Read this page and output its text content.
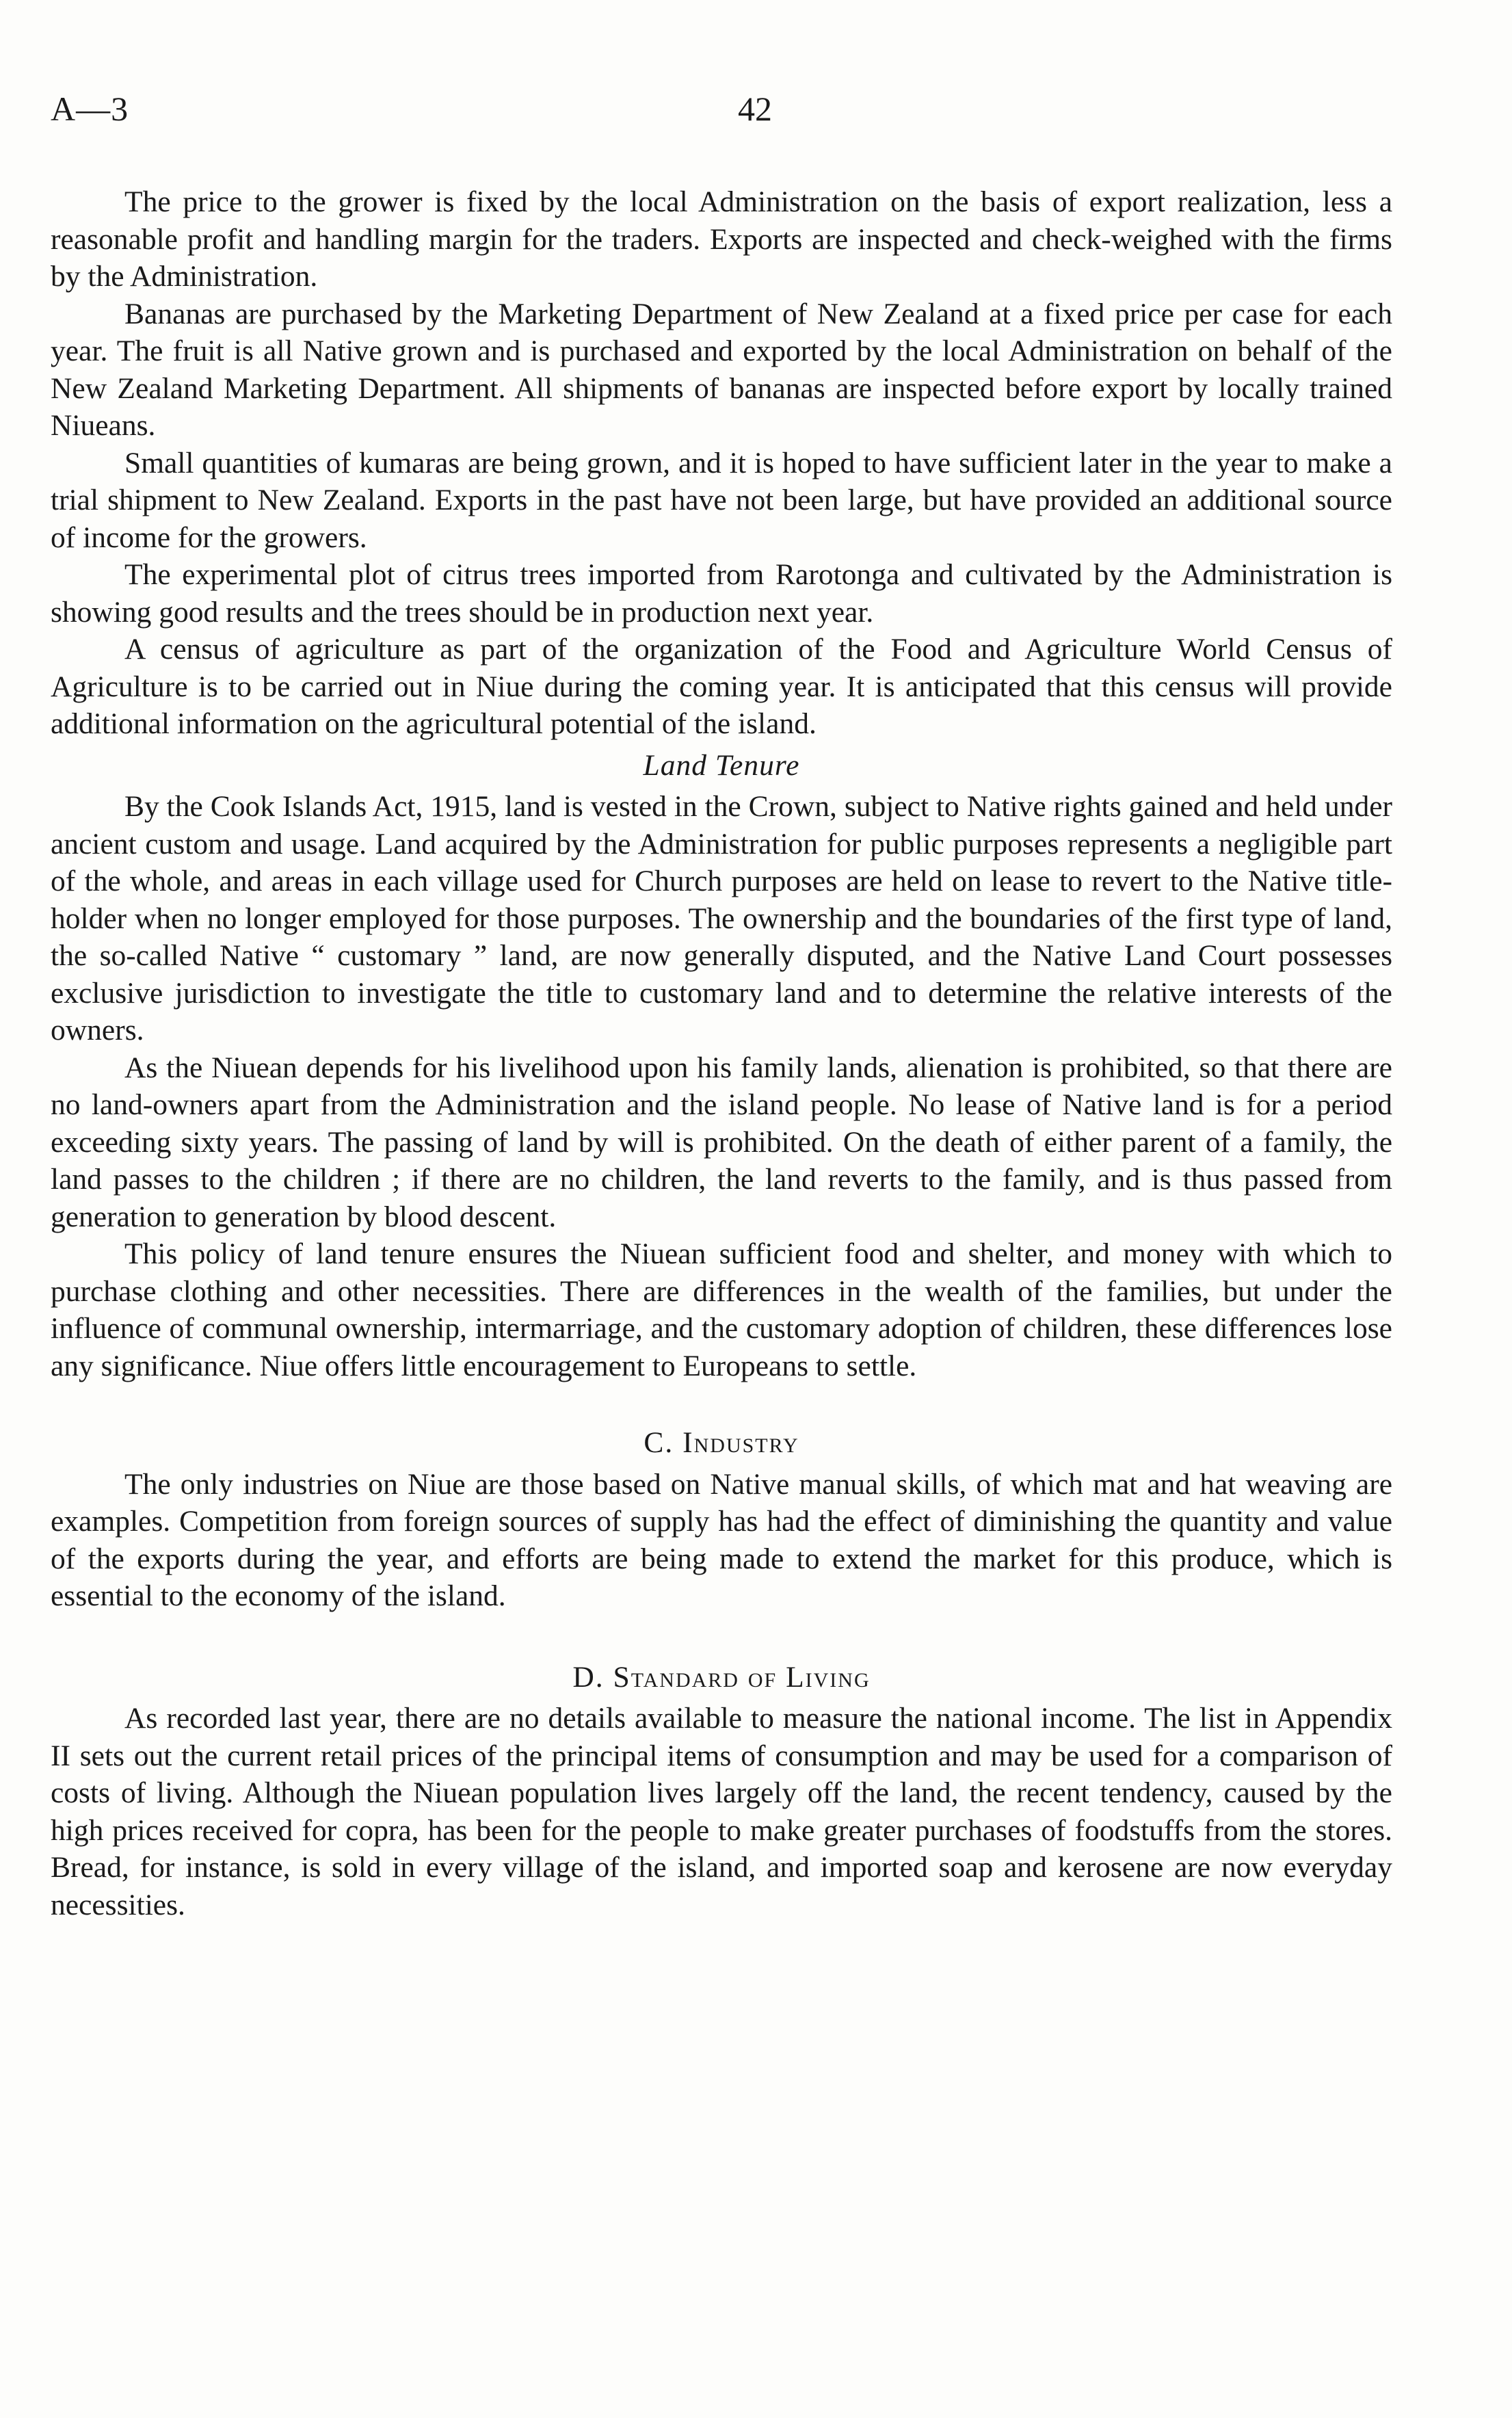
A—3	42

The price to the grower is fixed by the local Administration on the basis of export realization, less a reasonable profit and handling margin for the traders. Exports are inspected and check-weighed with the firms by the Administration.

Bananas are purchased by the Marketing Department of New Zealand at a fixed price per case for each year. The fruit is all Native grown and is purchased and exported by the local Administration on behalf of the New Zealand Marketing Department. All shipments of bananas are inspected before export by locally trained Niueans.

Small quantities of kumaras are being grown, and it is hoped to have sufficient later in the year to make a trial shipment to New Zealand. Exports in the past have not been large, but have provided an additional source of income for the growers.

The experimental plot of citrus trees imported from Rarotonga and cultivated by the Administration is showing good results and the trees should be in production next year.

A census of agriculture as part of the organization of the Food and Agriculture World Census of Agriculture is to be carried out in Niue during the coming year. It is anticipated that this census will provide additional information on the agricultural potential of the island.

Land Tenure

By the Cook Islands Act, 1915, land is vested in the Crown, subject to Native rights gained and held under ancient custom and usage. Land acquired by the Administration for public purposes represents a negligible part of the whole, and areas in each village used for Church purposes are held on lease to revert to the Native title-holder when no longer employed for those purposes. The ownership and the boundaries of the first type of land, the so-called Native “ customary ” land, are now generally disputed, and the Native Land Court possesses exclusive jurisdiction to investigate the title to customary land and to determine the relative interests of the owners.

As the Niuean depends for his livelihood upon his family lands, alienation is prohibited, so that there are no land-owners apart from the Administration and the island people. No lease of Native land is for a period exceeding sixty years. The passing of land by will is prohibited. On the death of either parent of a family, the land passes to the children ; if there are no children, the land reverts to the family, and is thus passed from generation to generation by blood descent.

This policy of land tenure ensures the Niuean sufficient food and shelter, and money with which to purchase clothing and other necessities. There are differences in the wealth of the families, but under the influence of communal ownership, intermarriage, and the customary adoption of children, these differences lose any significance. Niue offers little encouragement to Europeans to settle.

C. Industry

The only industries on Niue are those based on Native manual skills, of which mat and hat weaving are examples. Competition from foreign sources of supply has had the effect of diminishing the quantity and value of the exports during the year, and efforts are being made to extend the market for this produce, which is essential to the economy of the island.

D. Standard of Living

As recorded last year, there are no details available to measure the national income. The list in Appendix II sets out the current retail prices of the principal items of consumption and may be used for a comparison of costs of living. Although the Niuean population lives largely off the land, the recent tendency, caused by the high prices received for copra, has been for the people to make greater purchases of foodstuffs from the stores. Bread, for instance, is sold in every village of the island, and imported soap and kerosene are now everyday necessities.
